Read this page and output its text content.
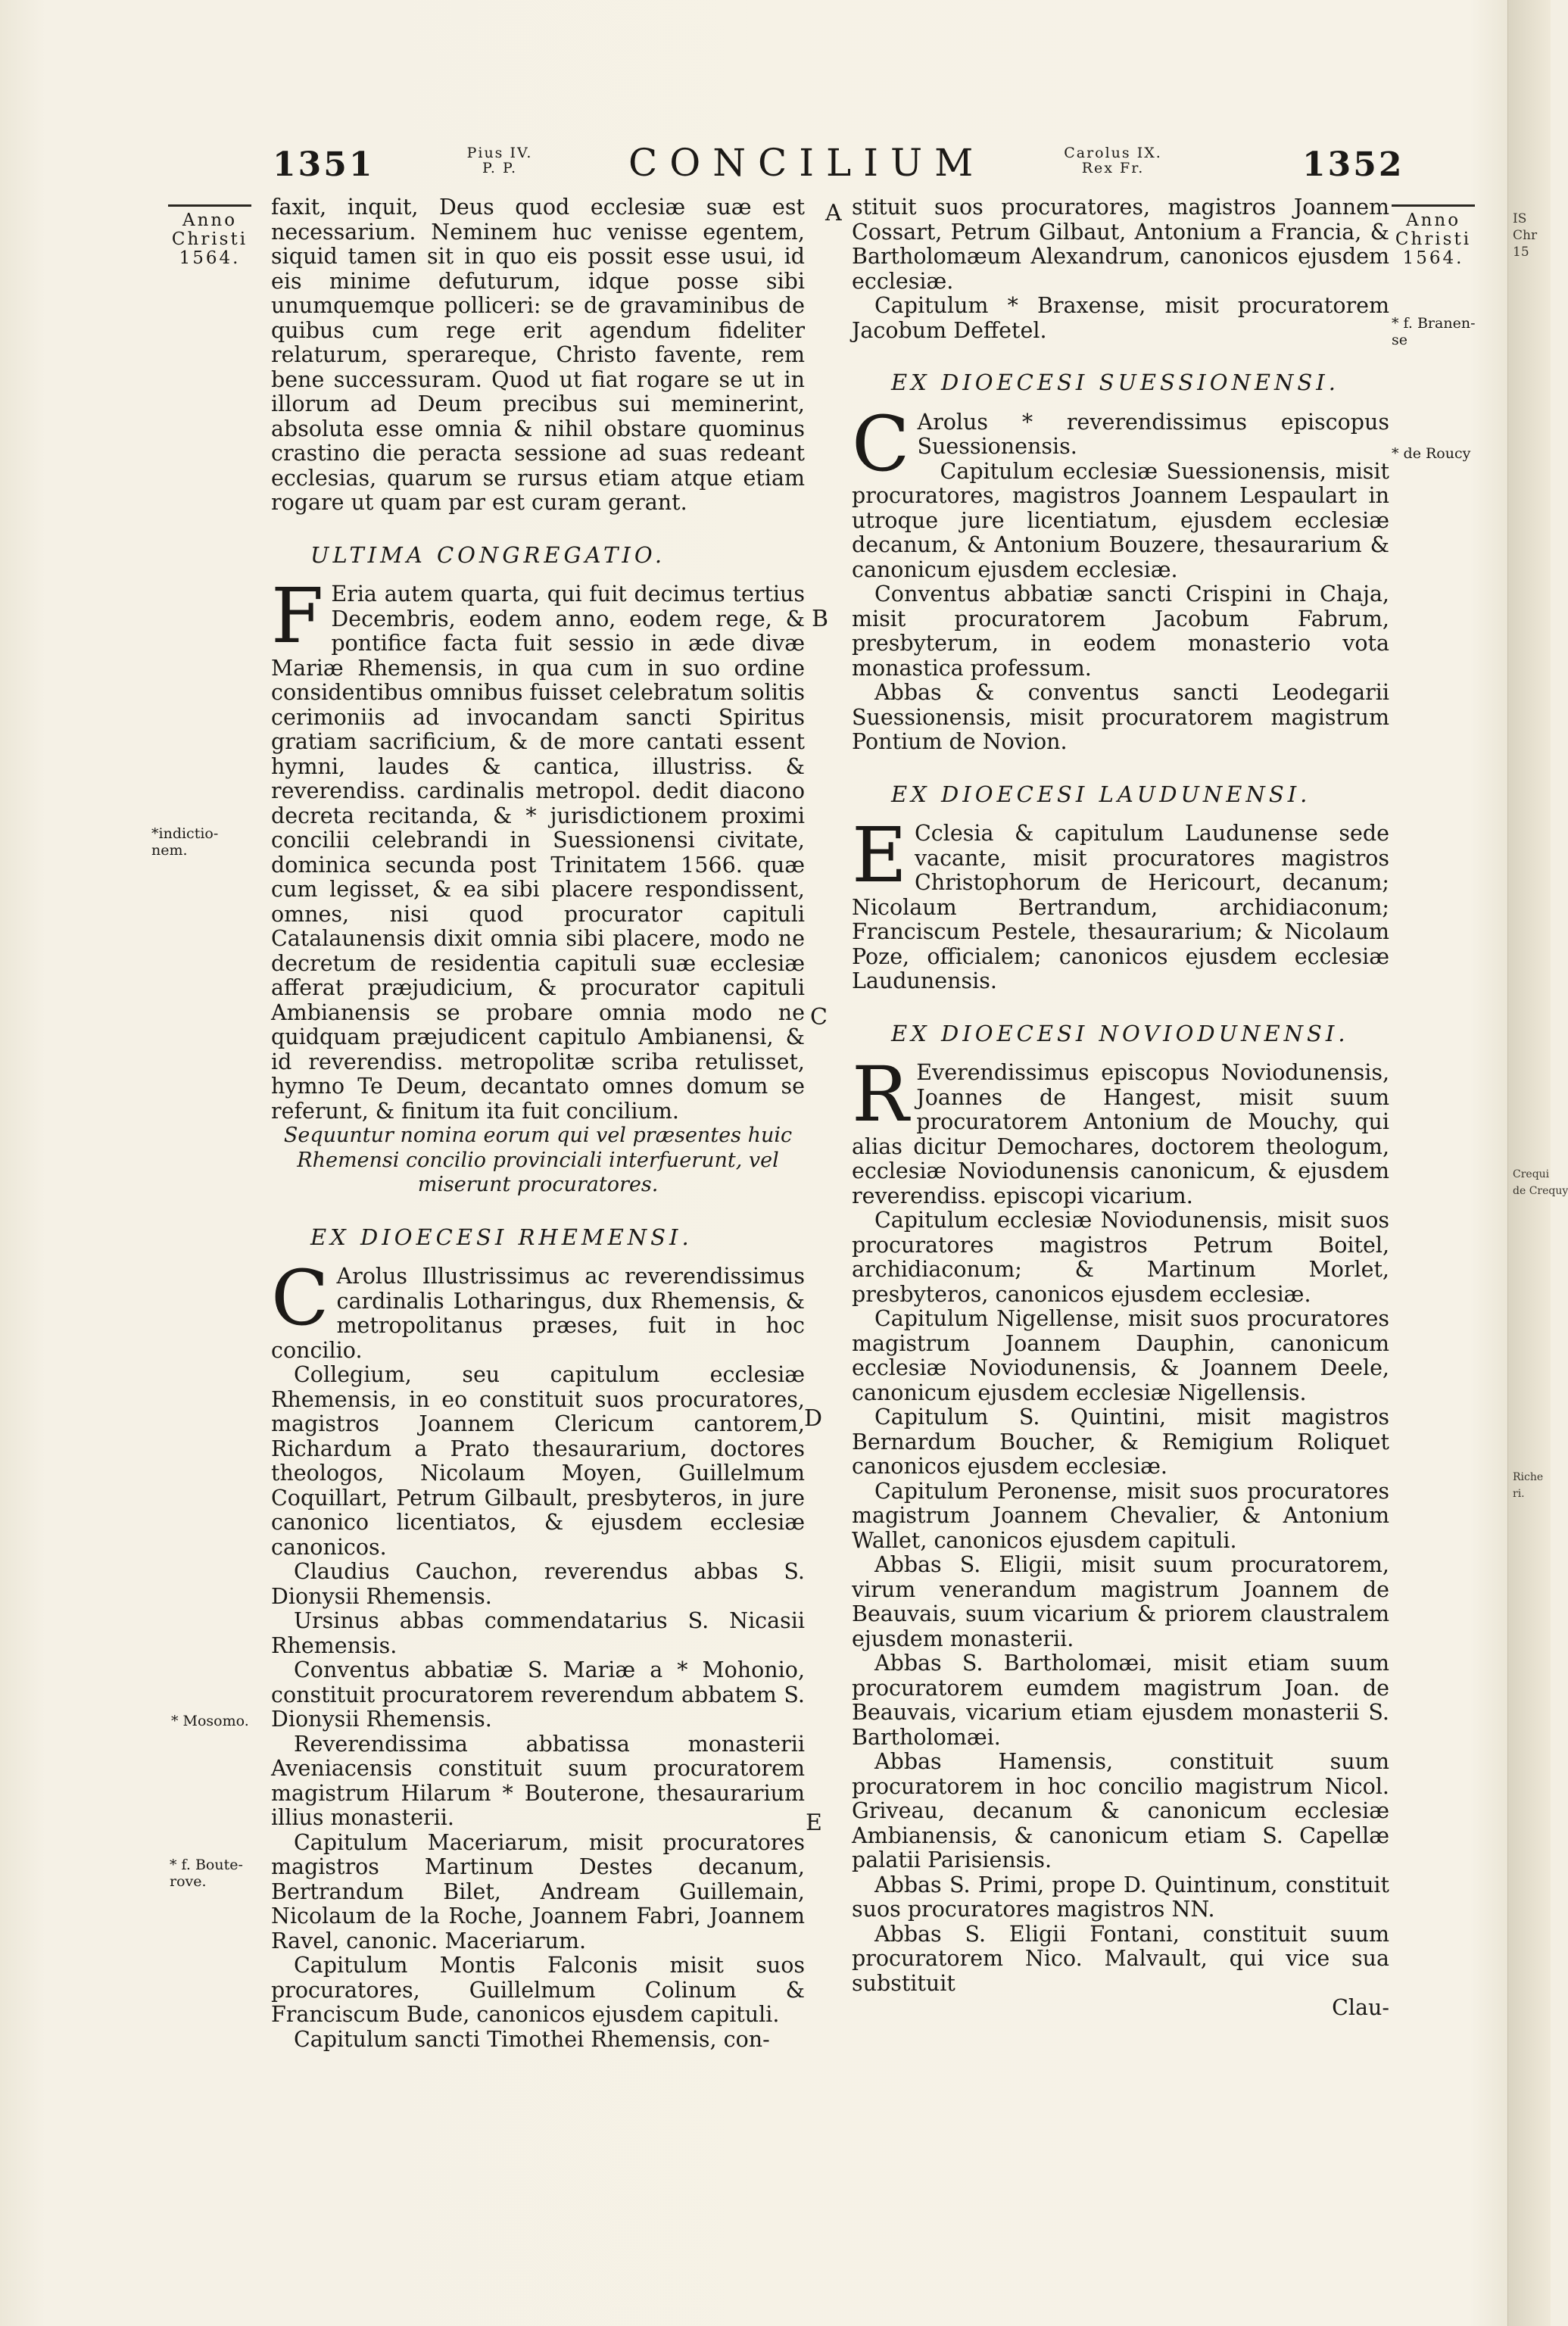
1351	Pius IV.
P. P.	CONCILIUM	Carolus IX.
Rex Fr.	1352
Anno
Christi
1564.
Anno
Christi
1564.
A
B
C
D
E
*indictio-
nem.
* Mosomo.
* f. Boute-
rove.
* f. Branen-
se
* de Roucy

faxit, inquit, Deus quod ecclesiæ suæ est necessarium. Neminem huc venisse egentem, siquid tamen sit in quo eis possit esse usui, id eis minime defuturum, idque posse sibi unumquemque polliceri: se de gravaminibus de quibus cum rege erit agendum fideliter relaturum, sperareque, Christo favente, rem bene successuram. Quod ut fiat rogare se ut in illorum ad Deum precibus sui meminerint, absoluta esse omnia & nihil obstare quominus crastino die peracta sessione ad suas redeant ecclesias, quarum se rursus etiam atque etiam rogare ut quam par est curam gerant.

ULTIMA CONGREGATIO.

F Eria autem quarta, qui fuit decimus tertius Decembris, eodem anno, eodem rege, & pontifice facta fuit sessio in æde divæ Mariæ Rhemensis, in qua cum in suo ordine considentibus omnibus fuisset celebratum solitis cerimoniis ad invocandam sancti Spiritus gratiam sacrificium, & de more cantati essent hymni, laudes & cantica, illustriss. & reverendiss. cardinalis metropol. dedit diacono decreta recitanda, & * jurisdictionem proximi concilii celebrandi in Suessionensi civitate, dominica secunda post Trinitatem 1566. quæ cum legisset, & ea sibi placere respondissent, omnes, nisi quod procurator capituli Catalaunensis dixit omnia sibi placere, modo ne decretum de residentia capituli suæ ecclesiæ afferat præjudicium, & procurator capituli Ambianensis se probare omnia modo ne quidquam præjudicent capitulo Ambianensi, & id reverendiss. metropolitæ scriba retulisset, hymno Te Deum, decantato omnes domum se referunt, & finitum ita fuit concilium.

Sequuntur nomina eorum qui vel præsentes huic Rhemensi concilio provinciali interfuerunt, vel miserunt procuratores.

EX DIOECESI RHEMENSI.

C Arolus Illustrissimus ac reverendissimus cardinalis Lotharingus, dux Rhemensis, & metropolitanus præses, fuit in hoc concilio.

Collegium, seu capitulum ecclesiæ Rhemensis, in eo constituit suos procuratores, magistros Joannem Clericum cantorem, Richardum a Prato thesaurarium, doctores theologos, Nicolaum Moyen, Guillelmum Coquillart, Petrum Gilbault, presbyteros, in jure canonico licentiatos, & ejusdem ecclesiæ canonicos.

Claudius Cauchon, reverendus abbas S. Dionysii Rhemensis.

Ursinus abbas commendatarius S. Nicasii Rhemensis.

Conventus abbatiæ S. Mariæ a * Mohonio, constituit procuratorem reverendum abbatem S. Dionysii Rhemensis.

Reverendissima abbatissa monasterii Aveniacensis constituit suum procuratorem magistrum Hilarum * Bouterone, thesaurarium illius monasterii.

Capitulum Maceriarum, misit procuratores magistros Martinum Destes decanum, Bertrandum Bilet, Andream Guillemain, Nicolaum de la Roche, Joannem Fabri, Joannem Ravel, canonic. Maceriarum.

Capitulum Montis Falconis misit suos procuratores, Guillelmum Colinum & Franciscum Bude, canonicos ejusdem capituli.

Capitulum sancti Timothei Rhemensis, con-

stituit suos procuratores, magistros Joannem Cossart, Petrum Gilbaut, Antonium a Francia, & Bartholomæum Alexandrum, canonicos ejusdem ecclesiæ.

Capitulum * Braxense, misit procuratorem Jacobum Deffetel.

EX DIOECESI SUESSIONENSI.

C Arolus * reverendissimus episcopus Suessionensis.

Capitulum ecclesiæ Suessionensis, misit procuratores, magistros Joannem Lespaulart in utroque jure licentiatum, ejusdem ecclesiæ decanum, & Antonium Bouzere, thesaurarium & canonicum ejusdem ecclesiæ.

Conventus abbatiæ sancti Crispini in Chaja, misit procuratorem Jacobum Fabrum, presbyterum, in eodem monasterio vota monastica professum.

Abbas & conventus sancti Leodegarii Suessionensis, misit procuratorem magistrum Pontium de Novion.

EX DIOECESI LAUDUNENSI.

E Cclesia & capitulum Laudunense sede vacante, misit procuratores magistros Christophorum de Hericourt, decanum; Nicolaum Bertrandum, archidiaconum; Franciscum Pestele, thesaurarium; & Nicolaum Poze, officialem; canonicos ejusdem ecclesiæ Laudunensis.

EX DIOECESI NOVIODUNENSI.

R Everendissimus episcopus Noviodunensis, Joannes de Hangest, misit suum procuratorem Antonium de Mouchy, qui alias dicitur Demochares, doctorem theologum, ecclesiæ Noviodunensis canonicum, & ejusdem reverendiss. episcopi vicarium.

Capitulum ecclesiæ Noviodunensis, misit suos procuratores magistros Petrum Boitel, archidiaconum; & Martinum Morlet, presbyteros, canonicos ejusdem ecclesiæ.

Capitulum Nigellense, misit suos procuratores magistrum Joannem Dauphin, canonicum ecclesiæ Noviodunensis, & Joannem Deele, canonicum ejusdem ecclesiæ Nigellensis.

Capitulum S. Quintini, misit magistros Bernardum Boucher, & Remigium Roliquet canonicos ejusdem ecclesiæ.

Capitulum Peronense, misit suos procuratores magistrum Joannem Chevalier, & Antonium Wallet, canonicos ejusdem capituli.

Abbas S. Eligii, misit suum procuratorem, virum venerandum magistrum Joannem de Beauvais, suum vicarium & priorem claustralem ejusdem monasterii.

Abbas S. Bartholomæi, misit etiam suum procuratorem eumdem magistrum Joan. de Beauvais, vicarium etiam ejusdem monasterii S. Bartholomæi.

Abbas Hamensis, constituit suum procuratorem in hoc concilio magistrum Nicol. Griveau, decanum & canonicum ecclesiæ Ambianensis, & canonicum etiam S. Capellæ palatii Parisiensis.

Abbas S. Primi, prope D. Quintinum, constituit suos procuratores magistros NN.

Abbas S. Eligii Fontani, constituit suum procuratorem Nico. Malvault, qui vice sua substituit

Clau-

IS
Chr
15
Crequi
de Crequy
Riche
ri.
